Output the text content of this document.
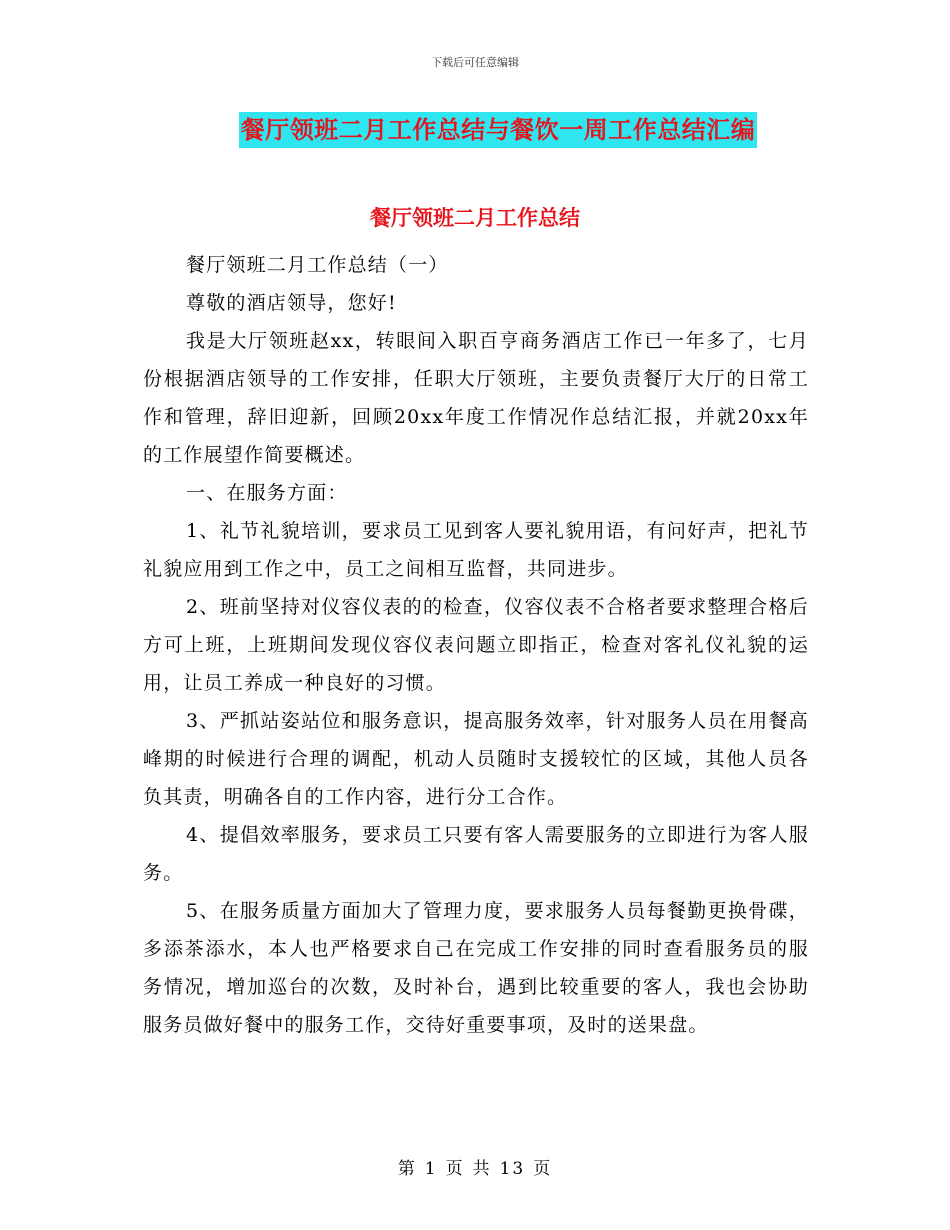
下载后可任意编辑
餐厅领班二月工作总结与餐饮一周工作总结汇编
餐厅领班二月工作总结

餐厅领班二月工作总结（一）

尊敬的酒店领导，您好!

我是大厅领班赵xx，转眼间入职百亨商务酒店工作已一年多了，七月份根据酒店领导的工作安排，任职大厅领班，主要负责餐厅大厅的日常工作和管理，辞旧迎新，回顾20xx年度工作情况作总结汇报，并就20xx年的工作展望作简要概述。

一、在服务方面：

1、礼节礼貌培训，要求员工见到客人要礼貌用语，有问好声，把礼节礼貌应用到工作之中，员工之间相互监督，共同进步。

2、班前坚持对仪容仪表的的检查，仪容仪表不合格者要求整理合格后方可上班，上班期间发现仪容仪表问题立即指正，检查对客礼仪礼貌的运用，让员工养成一种良好的习惯。

3、严抓站姿站位和服务意识，提高服务效率，针对服务人员在用餐高峰期的时候进行合理的调配，机动人员随时支援较忙的区域，其他人员各负其责，明确各自的工作内容，进行分工合作。

4、提倡效率服务，要求员工只要有客人需要服务的立即进行为客人服务。

5、在服务质量方面加大了管理力度，要求服务人员每餐勤更换骨碟，多添茶添水，本人也严格要求自己在完成工作安排的同时查看服务员的服务情况，增加巡台的次数，及时补台，遇到比较重要的客人，我也会协助服务员做好餐中的服务工作，交待好重要事项，及时的送果盘。

第 1 页 共 13 页
